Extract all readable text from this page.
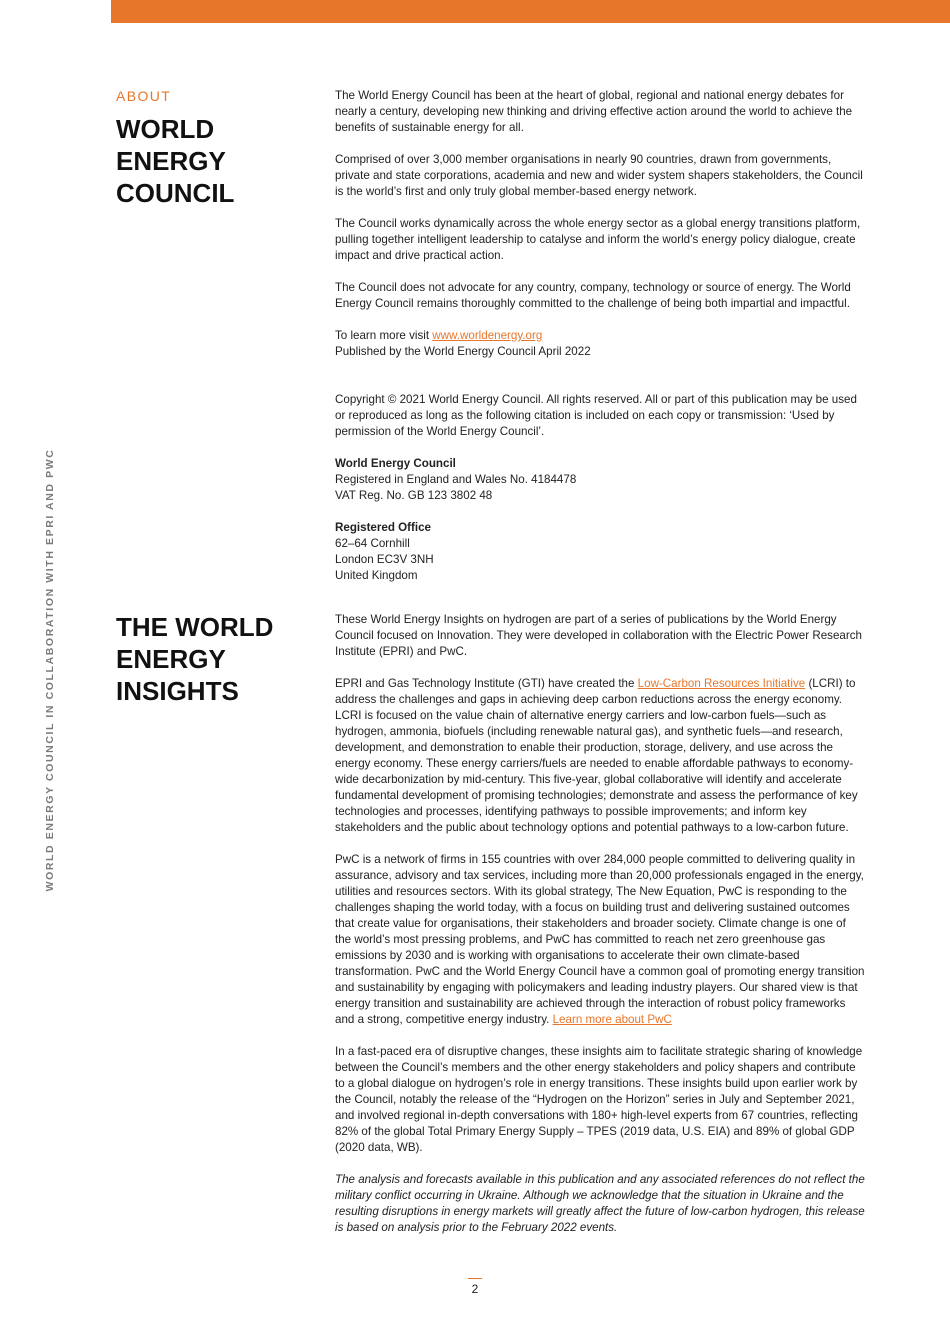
WORLD ENERGY COUNCIL IN COLLABORATION WITH EPRI AND PWC
ABOUT
WORLD ENERGY COUNCIL

The World Energy Council has been at the heart of global, regional and national energy debates for nearly a century, developing new thinking and driving effective action around the world to achieve the benefits of sustainable energy for all.

Comprised of over 3,000 member organisations in nearly 90 countries, drawn from governments, private and state corporations, academia and new and wider system shapers stakeholders, the Council is the world’s first and only truly global member-based energy network.

The Council works dynamically across the whole energy sector as a global energy transitions platform, pulling together intelligent leadership to catalyse and inform the world’s energy policy dialogue, create impact and drive practical action.

The Council does not advocate for any country, company, technology or source of energy. The World Energy Council remains thoroughly committed to the challenge of being both impartial and impactful.

To learn more visit www.worldenergy.org
Published by the World Energy Council April 2022

Copyright © 2021 World Energy Council. All rights reserved. All or part of this publication may be used or reproduced as long as the following citation is included on each copy or transmission: ‘Used by permission of the World Energy Council’.

World Energy Council
Registered in England and Wales No. 4184478
VAT Reg. No. GB 123 3802 48

Registered Office
62–64 Cornhill
London EC3V 3NH
United Kingdom

THE WORLD ENERGY INSIGHTS

These World Energy Insights on hydrogen are part of a series of publications by the World Energy Council focused on Innovation. They were developed in collaboration with the Electric Power Research Institute (EPRI) and PwC.

EPRI and Gas Technology Institute (GTI) have created the Low-Carbon Resources Initiative (LCRI) to address the challenges and gaps in achieving deep carbon reductions across the energy economy. LCRI is focused on the value chain of alternative energy carriers and low-carbon fuels—such as hydrogen, ammonia, biofuels (including renewable natural gas), and synthetic fuels—and research, development, and demonstration to enable their production, storage, delivery, and use across the energy economy. These energy carriers/fuels are needed to enable affordable pathways to economy-wide decarbonization by mid-century. This five-year, global collaborative will identify and accelerate fundamental development of promising technologies; demonstrate and assess the performance of key technologies and processes, identifying pathways to possible improvements; and inform key stakeholders and the public about technology options and potential pathways to a low-carbon future.

PwC is a network of firms in 155 countries with over 284,000 people committed to delivering quality in assurance, advisory and tax services, including more than 20,000 professionals engaged in the energy, utilities and resources sectors. With its global strategy, The New Equation, PwC is responding to the challenges shaping the world today, with a focus on building trust and delivering sustained outcomes that create value for organisations, their stakeholders and broader society. Climate change is one of the world’s most pressing problems, and PwC has committed to reach net zero greenhouse gas emissions by 2030 and is working with organisations to accelerate their own climate-based transformation. PwC and the World Energy Council have a common goal of promoting energy transition and sustainability by engaging with policymakers and leading industry players. Our shared view is that energy transition and sustainability are achieved through the interaction of robust policy frameworks and a strong, competitive energy industry. Learn more about PwC

In a fast-paced era of disruptive changes, these insights aim to facilitate strategic sharing of knowledge between the Council’s members and the other energy stakeholders and policy shapers and contribute to a global dialogue on hydrogen’s role in energy transitions. These insights build upon earlier work by the Council, notably the release of the “Hydrogen on the Horizon” series in July and September 2021, and involved regional in-depth conversations with 180+ high-level experts from 67 countries, reflecting 82% of the global Total Primary Energy Supply – TPES (2019 data, U.S. EIA) and 89% of global GDP (2020 data, WB).

The analysis and forecasts available in this publication and any associated references do not reflect the military conflict occurring in Ukraine. Although we acknowledge that the situation in Ukraine and the resulting disruptions in energy markets will greatly affect the future of low-carbon hydrogen, this release is based on analysis prior to the February 2022 events.

2
